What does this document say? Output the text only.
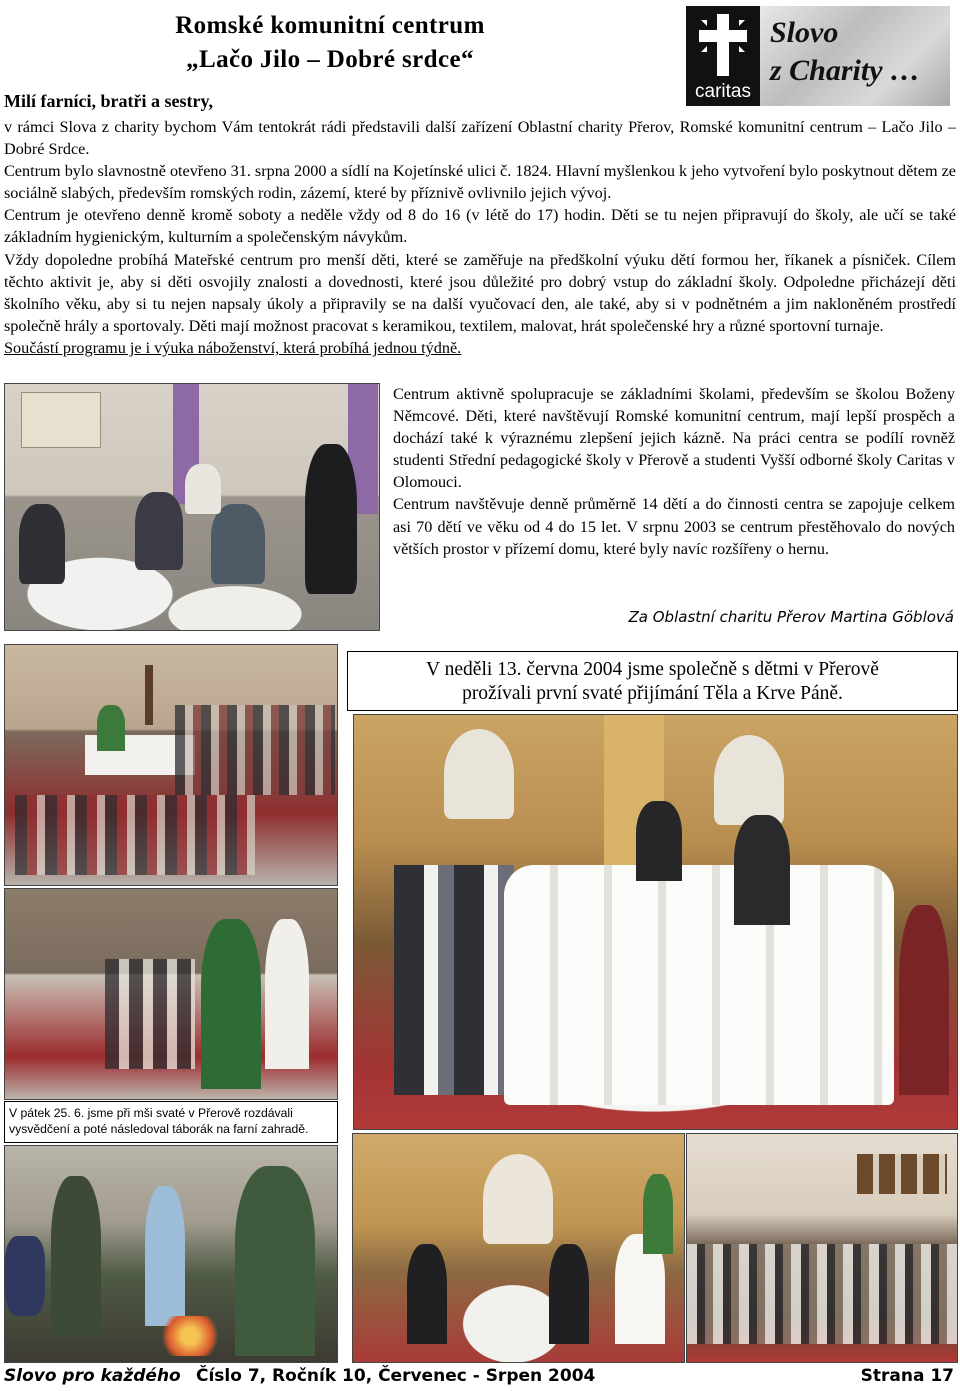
Romské komunitní centrum
„Lačo Jilo – Dobré srdce“
caritas
Slovo
z Charity …
Milí farníci, bratři a sestry,
v rámci Slova z charity bychom Vám tentokrát rádi představili další zařízení Oblastní charity Přerov, Romské komunitní centrum – Lačo Jilo – Dobré Srdce.
Centrum bylo slavnostně otevřeno 31. srpna 2000 a sídlí na Kojetínské ulici č. 1824. Hlavní myšlenkou k jeho vytvoření bylo poskytnout dětem ze sociálně slabých, především romských rodin, zázemí, které by příznivě ovlivnilo jejich vývoj.
Centrum je otevřeno denně kromě soboty a neděle vždy od 8 do 16 (v létě do 17) hodin. Děti se tu nejen připravují do školy, ale učí se také základním hygienickým, kulturním a společenským návykům.
Vždy dopoledne probíhá Mateřské centrum pro menší děti, které se zaměřuje na předškolní výuku dětí formou her, říkanek a písniček. Cílem těchto aktivit je, aby si děti osvojily znalosti a dovednosti, které jsou důležité pro dobrý vstup do základní školy. Odpoledne přicházejí děti školního věku, aby si tu nejen napsaly úkoly a připravily se na další vyučovací den, ale také, aby si v podnětném a jim nakloněném prostředí společně hrály a sportovaly. Děti mají možnost pracovat s keramikou, textilem, malovat, hrát společenské hry a různé sportovní turnaje.
Součástí programu je i výuka náboženství, která probíhá jednou týdně.

Centrum aktivně spolupracuje se základními školami, především se školou Boženy Němcové. Děti, které navštěvují Romské komunitní centrum, mají lepší prospěch a dochází také k výraznému zlepšení jejich kázně. Na práci centra se podílí rovněž studenti Střední pedagogické školy v Přerově a studenti Vyšší odborné školy Caritas v Olomouci.

Centrum navštěvuje denně průměrně 14 dětí a do činnosti centra se zapojuje celkem asi 70 dětí ve věku od 4 do 15 let. V srpnu 2003 se centrum přestěhovalo do nových větších prostor v přízemí domu, které byly navíc rozšířeny o hernu.

Za Oblastní charitu Přerov Martina Göblová
V neděli 13. června 2004 jsme společně s dětmi v Přerově
prožívali první svaté přijímání Těla a Krve Páně.
V pátek 25. 6. jsme při mši svaté v Přerově rozdávali vysvědčení a poté následoval táborák na farní zahradě.
Slovo pro každého Číslo 7, Ročník 10, Červenec - Srpen 2004	Strana 17
